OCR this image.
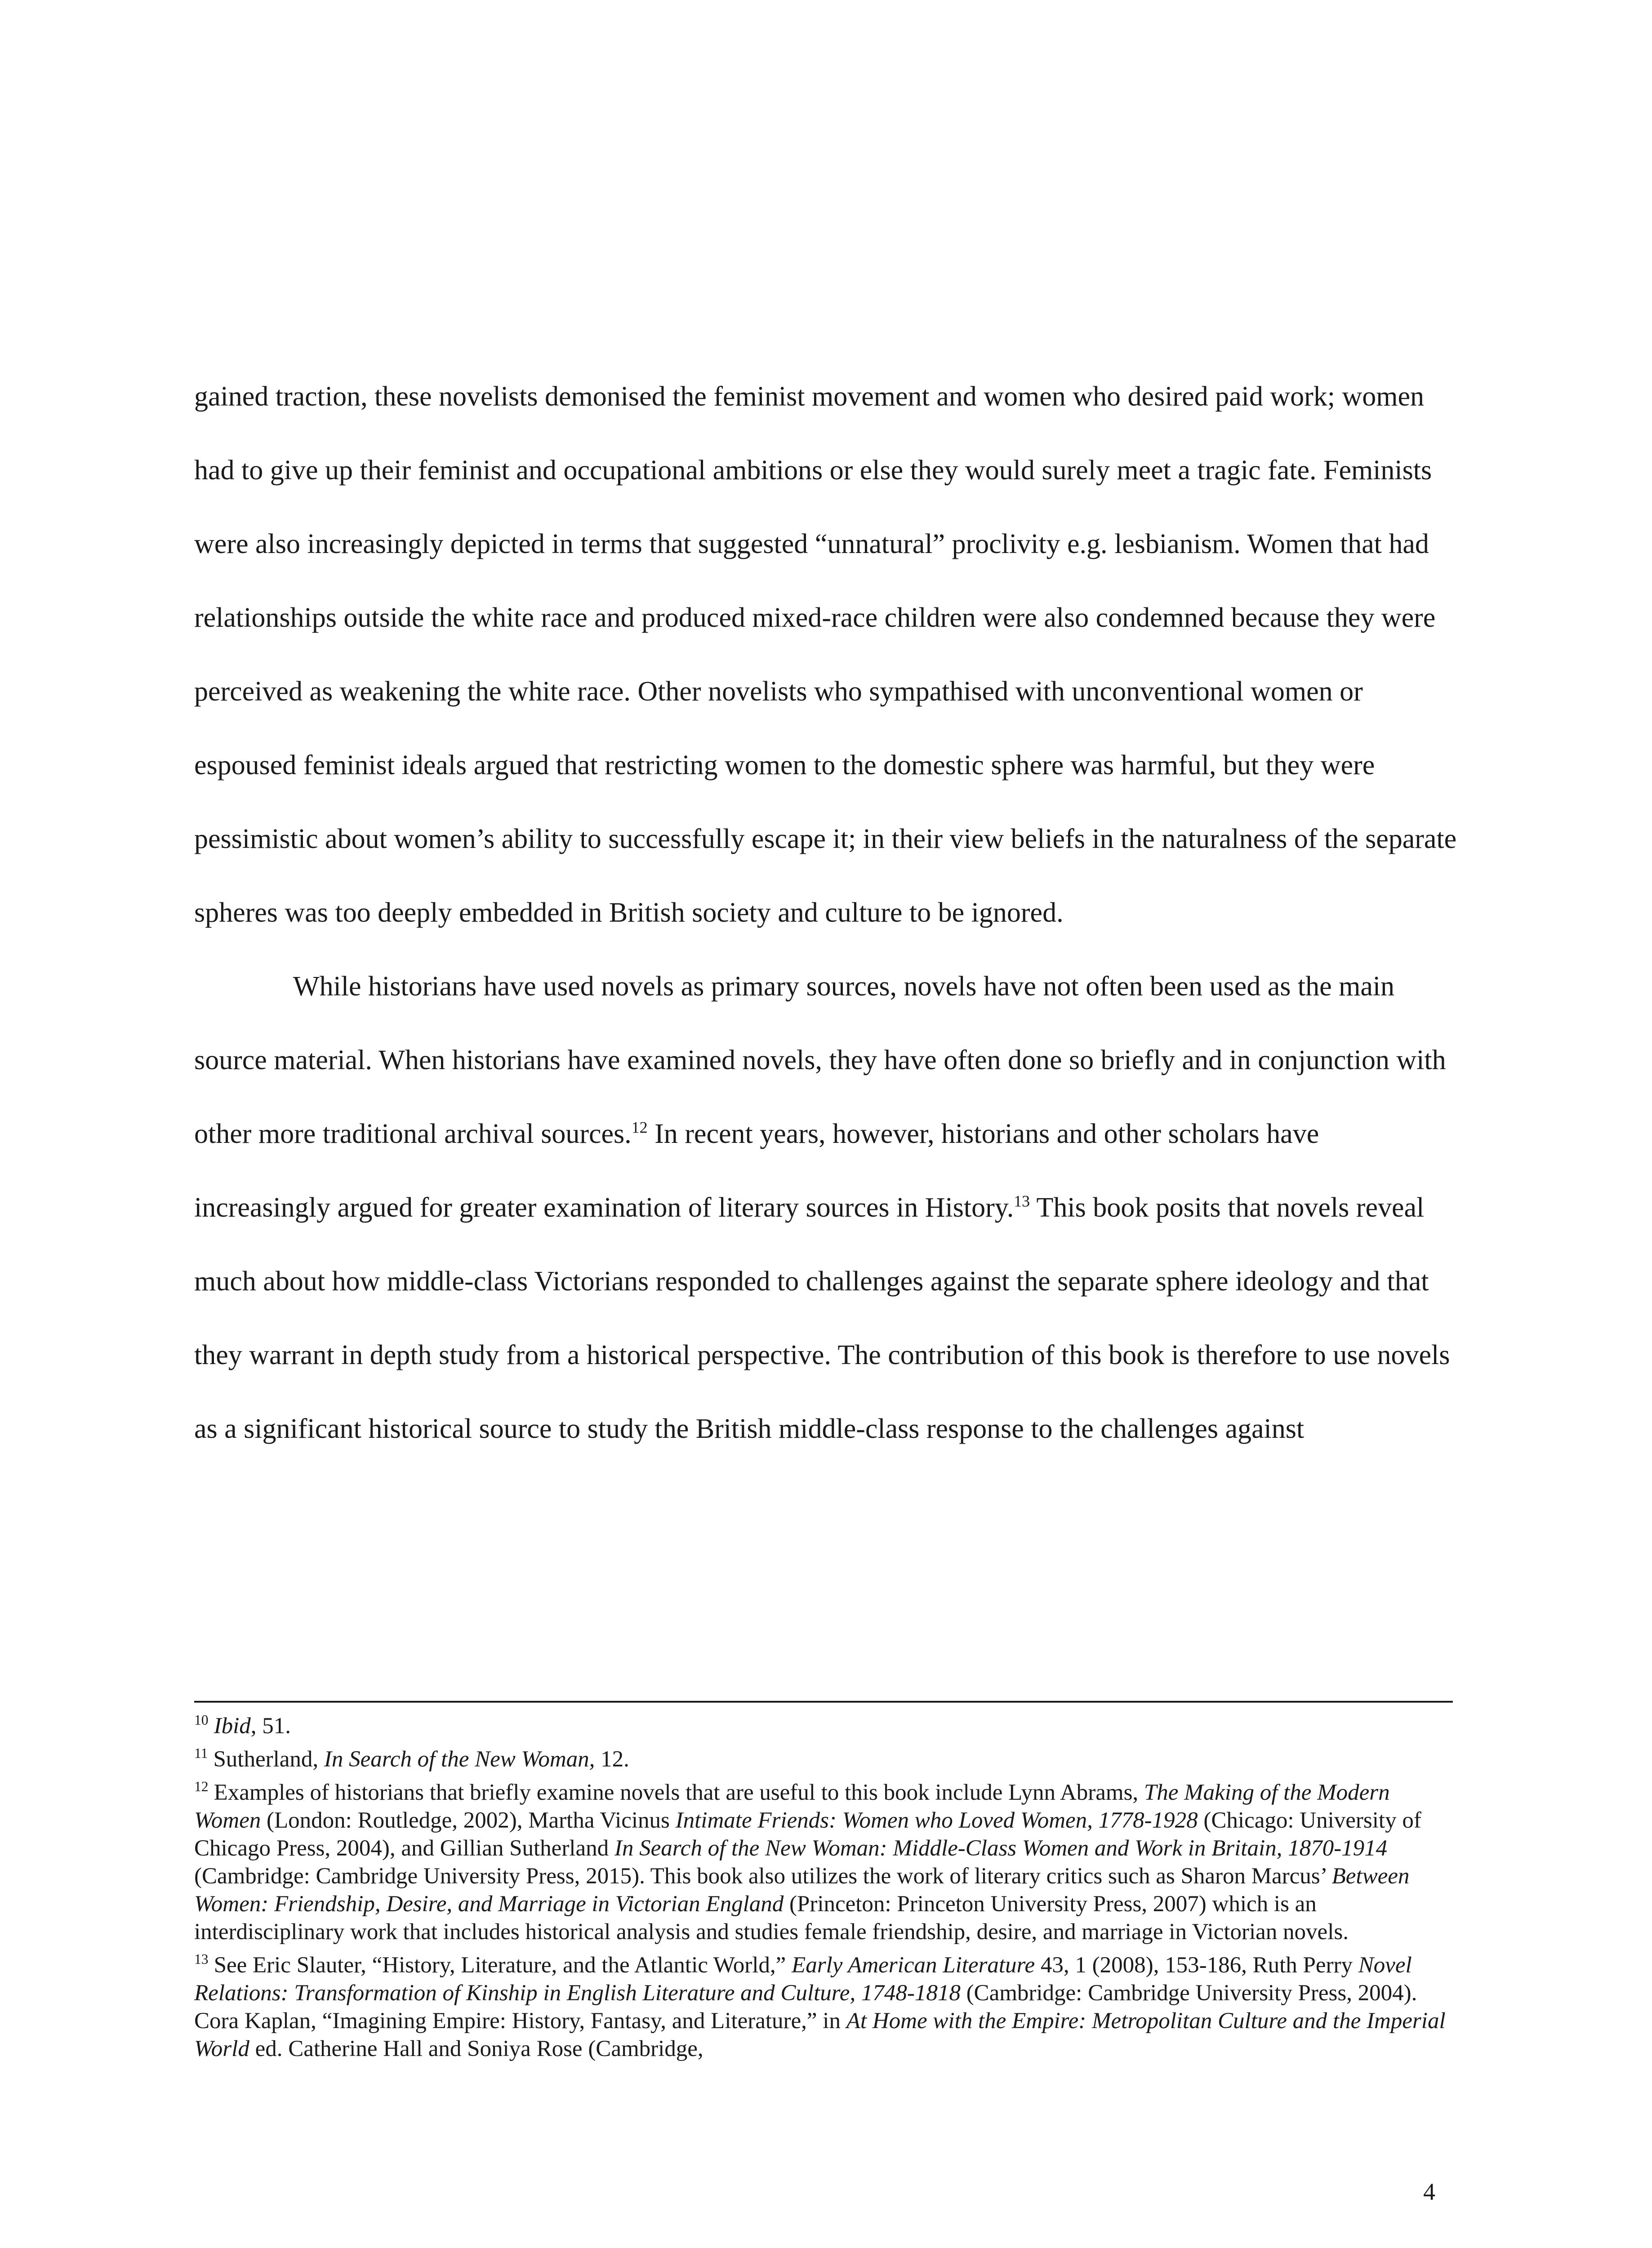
gained traction, these novelists demonised the feminist movement and women who desired paid work; women had to give up their feminist and occupational ambitions or else they would surely meet a tragic fate. Feminists were also increasingly depicted in terms that suggested “unnatural” proclivity e.g. lesbianism. Women that had relationships outside the white race and produced mixed-race children were also condemned because they were perceived as weakening the white race. Other novelists who sympathised with unconventional women or espoused feminist ideals argued that restricting women to the domestic sphere was harmful, but they were pessimistic about women’s ability to successfully escape it; in their view beliefs in the naturalness of the separate spheres was too deeply embedded in British society and culture to be ignored.

While historians have used novels as primary sources, novels have not often been used as the main source material. When historians have examined novels, they have often done so briefly and in conjunction with other more traditional archival sources.$^{12}$ In recent years, however, historians and other scholars have increasingly argued for greater examination of literary sources in History.$^{13}$ This book posits that novels reveal much about how middle-class Victorians responded to challenges against the separate sphere ideology and that they warrant in depth study from a historical perspective. The contribution of this book is therefore to use novels as a significant historical source to study the British middle-class response to the challenges against

$^{10}$ Ibid, 51.

$^{11}$ Sutherland, In Search of the New Woman, 12.

$^{12}$ Examples of historians that briefly examine novels that are useful to this book include Lynn Abrams, The Making of the Modern Women (London: Routledge, 2002), Martha Vicinus Intimate Friends: Women who Loved Women, 1778-1928 (Chicago: University of Chicago Press, 2004), and Gillian Sutherland In Search of the New Woman: Middle-Class Women and Work in Britain, 1870-1914 (Cambridge: Cambridge University Press, 2015). This book also utilizes the work of literary critics such as Sharon Marcus’ Between Women: Friendship, Desire, and Marriage in Victorian England (Princeton: Princeton University Press, 2007) which is an interdisciplinary work that includes historical analysis and studies female friendship, desire, and marriage in Victorian novels.

$^{13}$ See Eric Slauter, “History, Literature, and the Atlantic World,” Early American Literature 43, 1 (2008), 153-186, Ruth Perry Novel Relations: Transformation of Kinship in English Literature and Culture, 1748-1818 (Cambridge: Cambridge University Press, 2004). Cora Kaplan, “Imagining Empire: History, Fantasy, and Literature,” in At Home with the Empire: Metropolitan Culture and the Imperial World ed. Catherine Hall and Soniya Rose (Cambridge,

4
